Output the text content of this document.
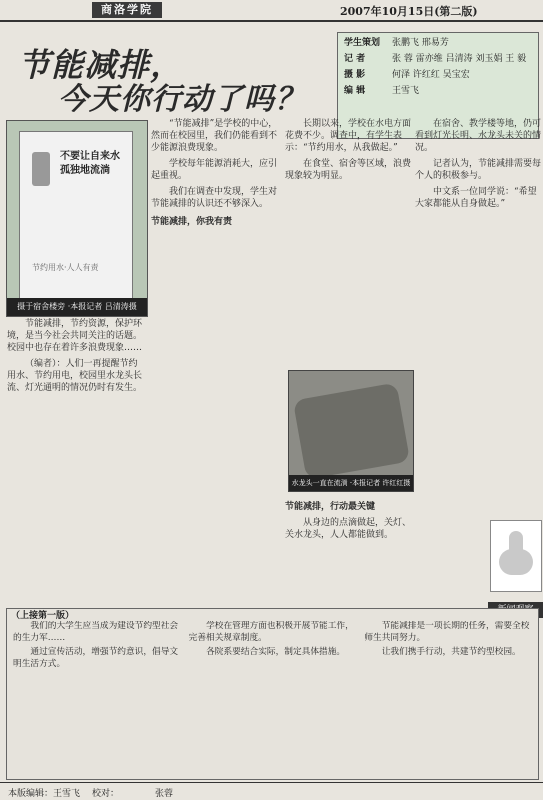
商洛学院	2007年10月15日(第二版)
节能减排，
今天你行动了吗？
学生策划	张鹏飞 邢易芳
记 者	张 蓉 雷亦维 吕清涛 刘玉娟 王 毅
摄 影	何泽 许红红 吴宝宏
编 辑	王雪飞
不要让自来水
孤独地流淌
节约用水·人人有责
摄于宿舍楼旁 ·本报记者 吕清涛摄

节能减排，节约资源，保护环境，是当今社会共同关注的话题。校园中也存在着许多浪费现象……

（编者）：人们一再提醒节约用水、节约用电，校园里水龙头长流、灯光通明的情况仍时有发生。

“节能减排”是学校的中心，然而在校园里，我们仍能看到不少能源浪费现象。

学校每年能源消耗大，应引起重视。

我们在调查中发现，学生对节能减排的认识还不够深入。

节能减排，你我有责

长期以来，学校在水电方面花费不少。调查中，有学生表示：“节约用水，从我做起。”

在食堂、宿舍等区域，浪费现象较为明显。

水龙头一直在流淌 ·本报记者 许红红摄

节能减排，行动最关键

从身边的点滴做起，关灯、关水龙头，人人都能做到。

在宿舍、教学楼等地，仍可看到灯光长明、水龙头未关的情况。

记者认为，节能减排需要每个人的积极参与。

中文系一位同学说：“希望大家都能从自身做起。”

（上接第一版）

我们的大学生应当成为建设节约型社会的生力军……

通过宣传活动，增强节约意识，倡导文明生活方式。

学校在管理方面也积极开展节能工作，完善相关规章制度。

各院系要结合实际，制定具体措施。

节能减排是一项长期的任务，需要全校师生共同努力。

让我们携手行动，共建节约型校园。

本版编辑：王雪飞 校对：	张蓉
